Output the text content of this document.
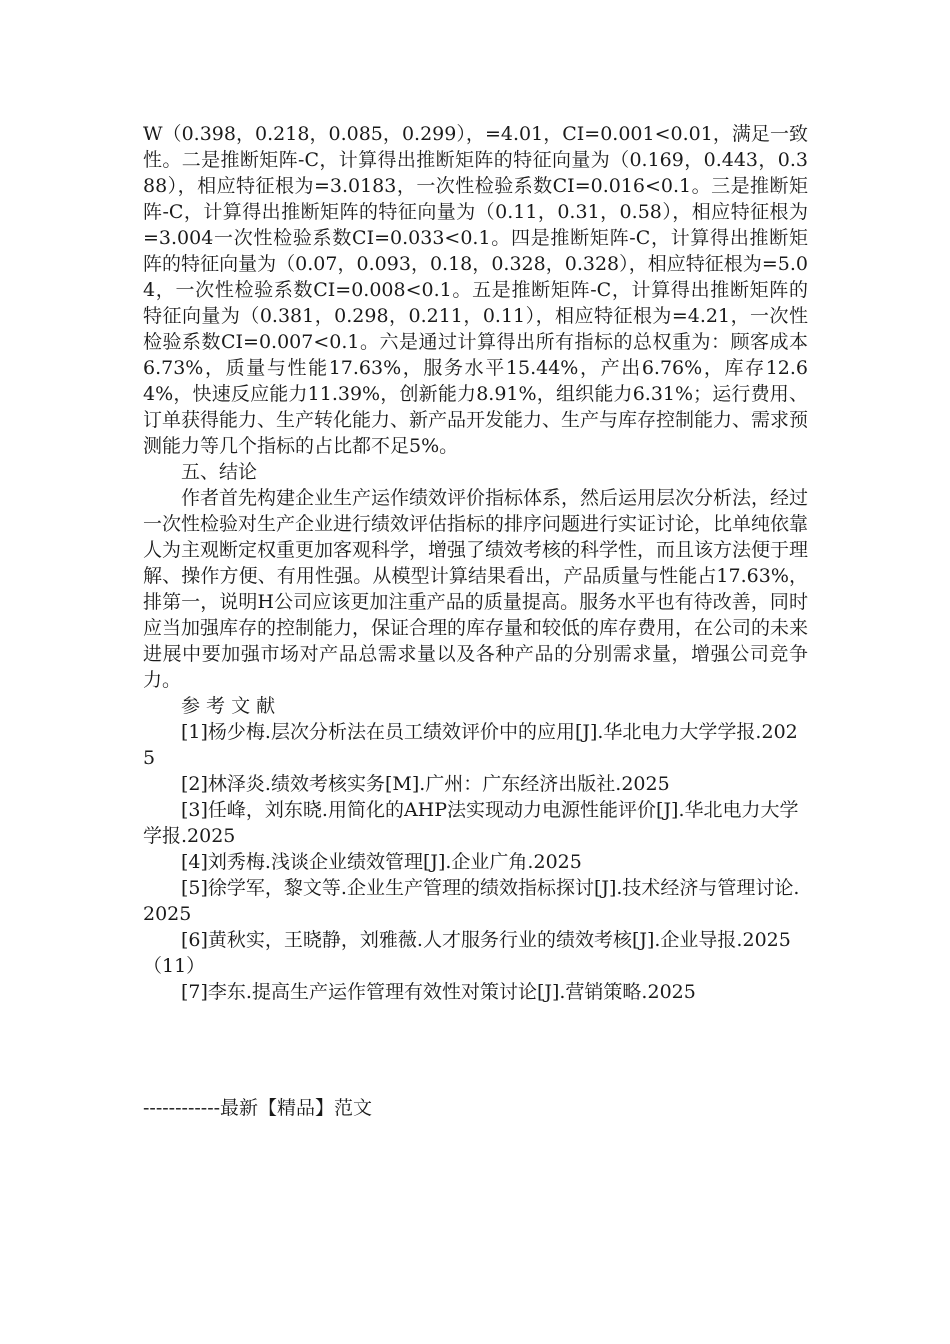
W（0.398，0.218，0.085，0.299），=4.01，CI=0.001<0.01，满足一致性。二是推断矩阵-C，计算得出推断矩阵的特征向量为（0.169，0.443，0.388），相应特征根为=3.0183，一次性检验系数CI=0.016<0.1。三是推断矩阵-C，计算得出推断矩阵的特征向量为（0.11，0.31，0.58），相应特征根为=3.004一次性检验系数CI=0.033<0.1。四是推断矩阵-C，计算得出推断矩阵的特征向量为（0.07，0.093，0.18，0.328，0.328），相应特征根为=5.04，一次性检验系数CI=0.008<0.1。五是推断矩阵-C，计算得出推断矩阵的特征向量为（0.381，0.298，0.211，0.11），相应特征根为=4.21，一次性检验系数CI=0.007<0.1。六是通过计算得出所有指标的总权重为：顾客成本6.73%，质量与性能17.63%，服务水平15.44%，产出6.76%，库存12.64%，快速反应能力11.39%，创新能力8.91%，组织能力6.31%；运行费用、订单获得能力、生产转化能力、新产品开发能力、生产与库存控制能力、需求预测能力等几个指标的占比都不足5%。

五、结论

作者首先构建企业生产运作绩效评价指标体系，然后运用层次分析法，经过一次性检验对生产企业进行绩效评估指标的排序问题进行实证讨论，比单纯依靠人为主观断定权重更加客观科学，增强了绩效考核的科学性，而且该方法便于理解、操作方便、有用性强。从模型计算结果看出，产品质量与性能占17.63%，排第一，说明H公司应该更加注重产品的质量提高。服务水平也有待改善，同时应当加强库存的控制能力，保证合理的库存量和较低的库存费用，在公司的未来进展中要加强市场对产品总需求量以及各种产品的分别需求量，增强公司竞争力。

参 考 文 献

[1]杨少梅.层次分析法在员工绩效评价中的应用[J].华北电力大学学报.2025

[2]林泽炎.绩效考核实务[M].广州：广东经济出版社.2025

[3]任峰，刘东晓.用简化的AHP法实现动力电源性能评价[J].华北电力大学学报.2025

[4]刘秀梅.浅谈企业绩效管理[J].企业广角.2025

[5]徐学军，黎文等.企业生产管理的绩效指标探讨[J].技术经济与管理讨论.2025

[6]黄秋实，王晓静，刘雅薇.人才服务行业的绩效考核[J].企业导报.2025（11）

[7]李东.提高生产运作管理有效性对策讨论[J].营销策略.2025

------------最新【精品】范文
